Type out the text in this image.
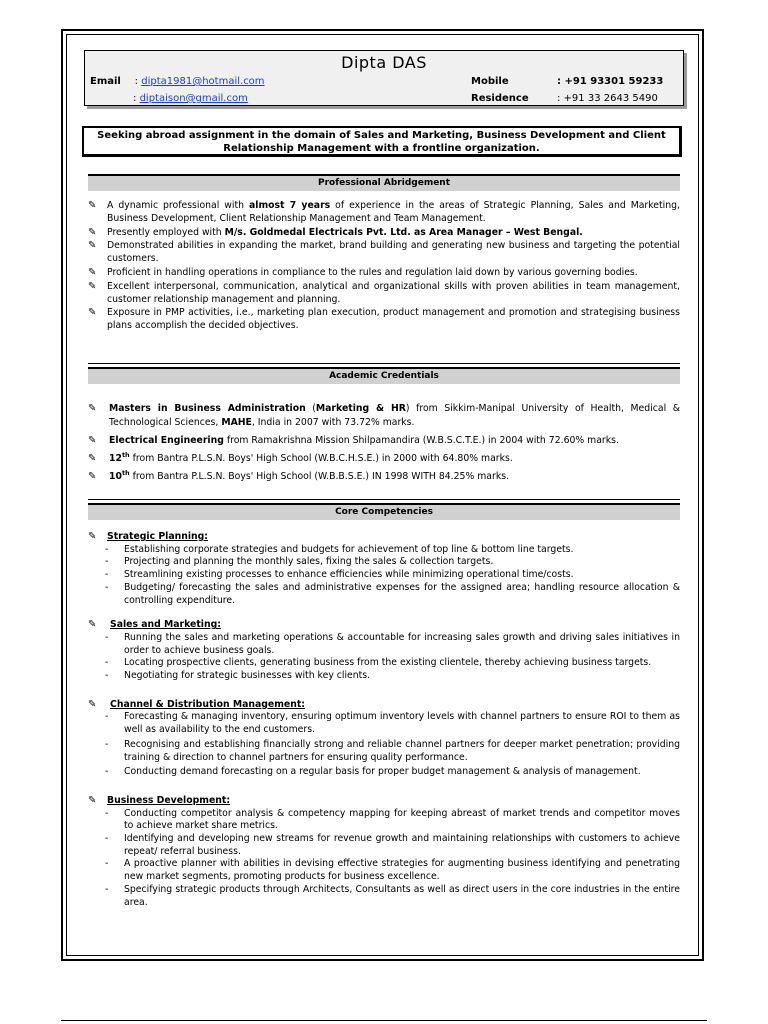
Dipta DAS
Email : dipta1981@hotmail.com
: diptaison@gmail.com
Mobile	: +91 93301 59233
Residence	: +91 33 2643 5490
Seeking abroad assignment in the domain of Sales and Marketing, Business Development and Client
Relationship Management with a frontline organization.
Professional Abridgement
✎ A dynamic professional with almost 7 years of experience in the areas of Strategic Planning, Sales and Marketing, Business Development, Client Relationship Management and Team Management.
✎ Presently employed with M/s. Goldmedal Electricals Pvt. Ltd. as Area Manager – West Bengal.
✎ Demonstrated abilities in expanding the market, brand building and generating new business and targeting the potential customers.
✎ Proficient in handling operations in compliance to the rules and regulation laid down by various governing bodies.
✎ Excellent interpersonal, communication, analytical and organizational skills with proven abilities in team management, customer relationship management and planning.
✎ Exposure in PMP activities, i.e., marketing plan execution, product management and promotion and strategising business plans accomplish the decided objectives.
Academic Credentials
✎ Masters in Business Administration (Marketing & HR) from Sikkim-Manipal University of Health, Medical & Technological Sciences, MAHE, India in 2007 with 73.72% marks.
✎ Electrical Engineering from Ramakrishna Mission Shilpamandira (W.B.S.C.T.E.) in 2004 with 72.60% marks.
✎ 12th from Bantra P.L.S.N. Boys' High School (W.B.C.H.S.E.) in 2000 with 64.80% marks.
✎ 10th from Bantra P.L.S.N. Boys' High School (W.B.B.S.E.) IN 1998 WITH 84.25% marks.
Core Competencies
✎ Strategic Planning:
- Establishing corporate strategies and budgets for achievement of top line & bottom line targets.
- Projecting and planning the monthly sales, fixing the sales & collection targets.
- Streamlining existing processes to enhance efficiencies while minimizing operational time/costs.
- Budgeting/ forecasting the sales and administrative expenses for the assigned area; handling resource allocation & controlling expenditure.
✎ Sales and Marketing:
- Running the sales and marketing operations & accountable for increasing sales growth and driving sales initiatives in order to achieve business goals.
- Locating prospective clients, generating business from the existing clientele, thereby achieving business targets.
- Negotiating for strategic businesses with key clients.
✎ Channel & Distribution Management:
- Forecasting & managing inventory, ensuring optimum inventory levels with channel partners to ensure ROI to them as well as availability to the end customers.
- Recognising and establishing financially strong and reliable channel partners for deeper market penetration; providing training & direction to channel partners for ensuring quality performance.
- Conducting demand forecasting on a regular basis for proper budget management & analysis of management.
✎ Business Development:
- Conducting competitor analysis & competency mapping for keeping abreast of market trends and competitor moves to achieve market share metrics.
- Identifying and developing new streams for revenue growth and maintaining relationships with customers to achieve repeat/ referral business.
- A proactive planner with abilities in devising effective strategies for augmenting business identifying and penetrating new market segments, promoting products for business excellence.
- Specifying strategic products through Architects, Consultants as well as direct users in the core industries in the entire area.
